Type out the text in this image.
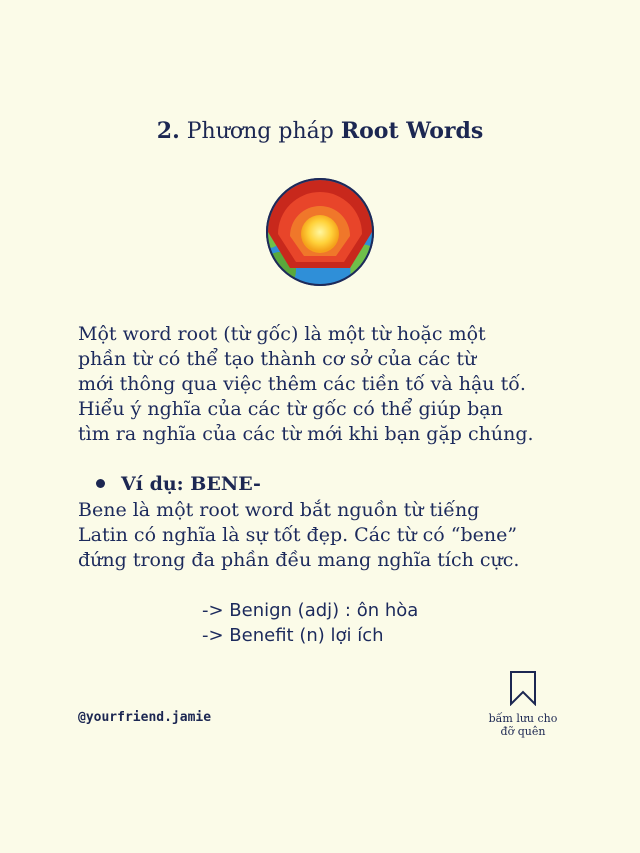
2. Phương pháp Root Words
Một word root (từ gốc) là một từ hoặc một
phần từ có thể tạo thành cơ sở của các từ
mới thông qua việc thêm các tiền tố và hậu tố.
Hiểu ý nghĩa của các từ gốc có thể giúp bạn
tìm ra nghĩa của các từ mới khi bạn gặp chúng.
Ví dụ: BENE-
Bene là một root word bắt nguồn từ tiếng
Latin có nghĩa là sự tốt đẹp. Các từ có “bene”
đứng trong đa phần đều mang nghĩa tích cực.
-> Benign (adj) : ôn hòa
-> Benefit (n) lợi ích
@yourfriend.jamie	bấm lưu cho
đỡ quên
